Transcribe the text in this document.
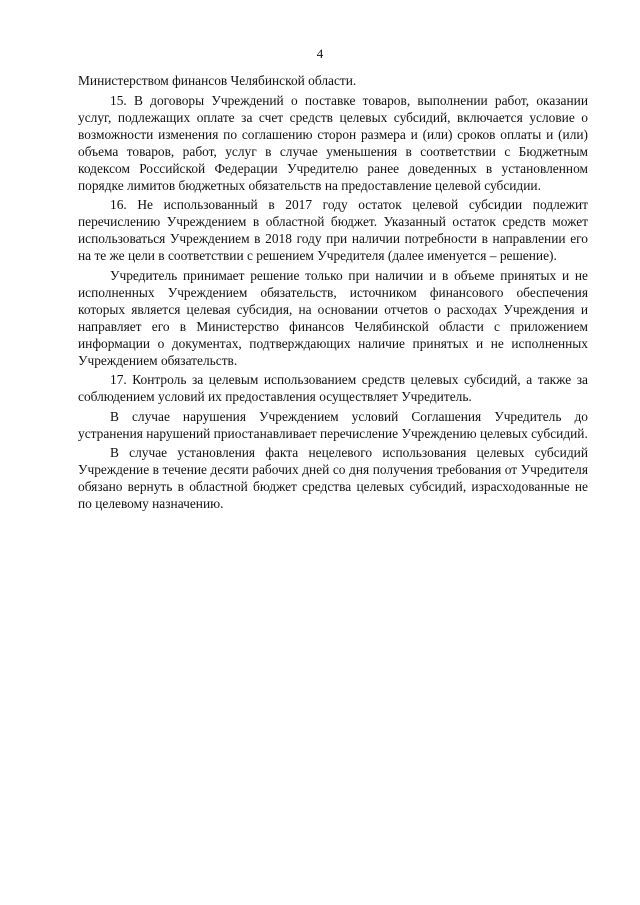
4

Министерством финансов Челябинской области.

15. В договоры Учреждений о поставке товаров, выполнении работ, оказании услуг, подлежащих оплате за счет средств целевых субсидий, включается условие о возможности изменения по соглашению сторон размера и (или) сроков оплаты и (или) объема товаров, работ, услуг в случае уменьшения в соответствии с Бюджетным кодексом Российской Федерации Учредителю ранее доведенных в установленном порядке лимитов бюджетных обязательств на предоставление целевой субсидии.

16. Не использованный в 2017 году остаток целевой субсидии подлежит перечислению Учреждением в областной бюджет. Указанный остаток средств может использоваться Учреждением в 2018 году при наличии потребности в направлении его на те же цели в соответствии с решением Учредителя (далее именуется – решение).

Учредитель принимает решение только при наличии и в объеме принятых и не исполненных Учреждением обязательств, источником финансового обеспечения которых является целевая субсидия, на основании отчетов о расходах Учреждения и направляет его в Министерство финансов Челябинской области с приложением информации о документах, подтверждающих наличие принятых и не исполненных Учреждением обязательств.

17. Контроль за целевым использованием средств целевых субсидий, а также за соблюдением условий их предоставления осуществляет Учредитель.

В случае нарушения Учреждением условий Соглашения Учредитель до устранения нарушений приостанавливает перечисление Учреждению целевых субсидий.

В случае установления факта нецелевого использования целевых субсидий Учреждение в течение десяти рабочих дней со дня получения требования от Учредителя обязано вернуть в областной бюджет средства целевых субсидий, израсходованные не по целевому назначению.
